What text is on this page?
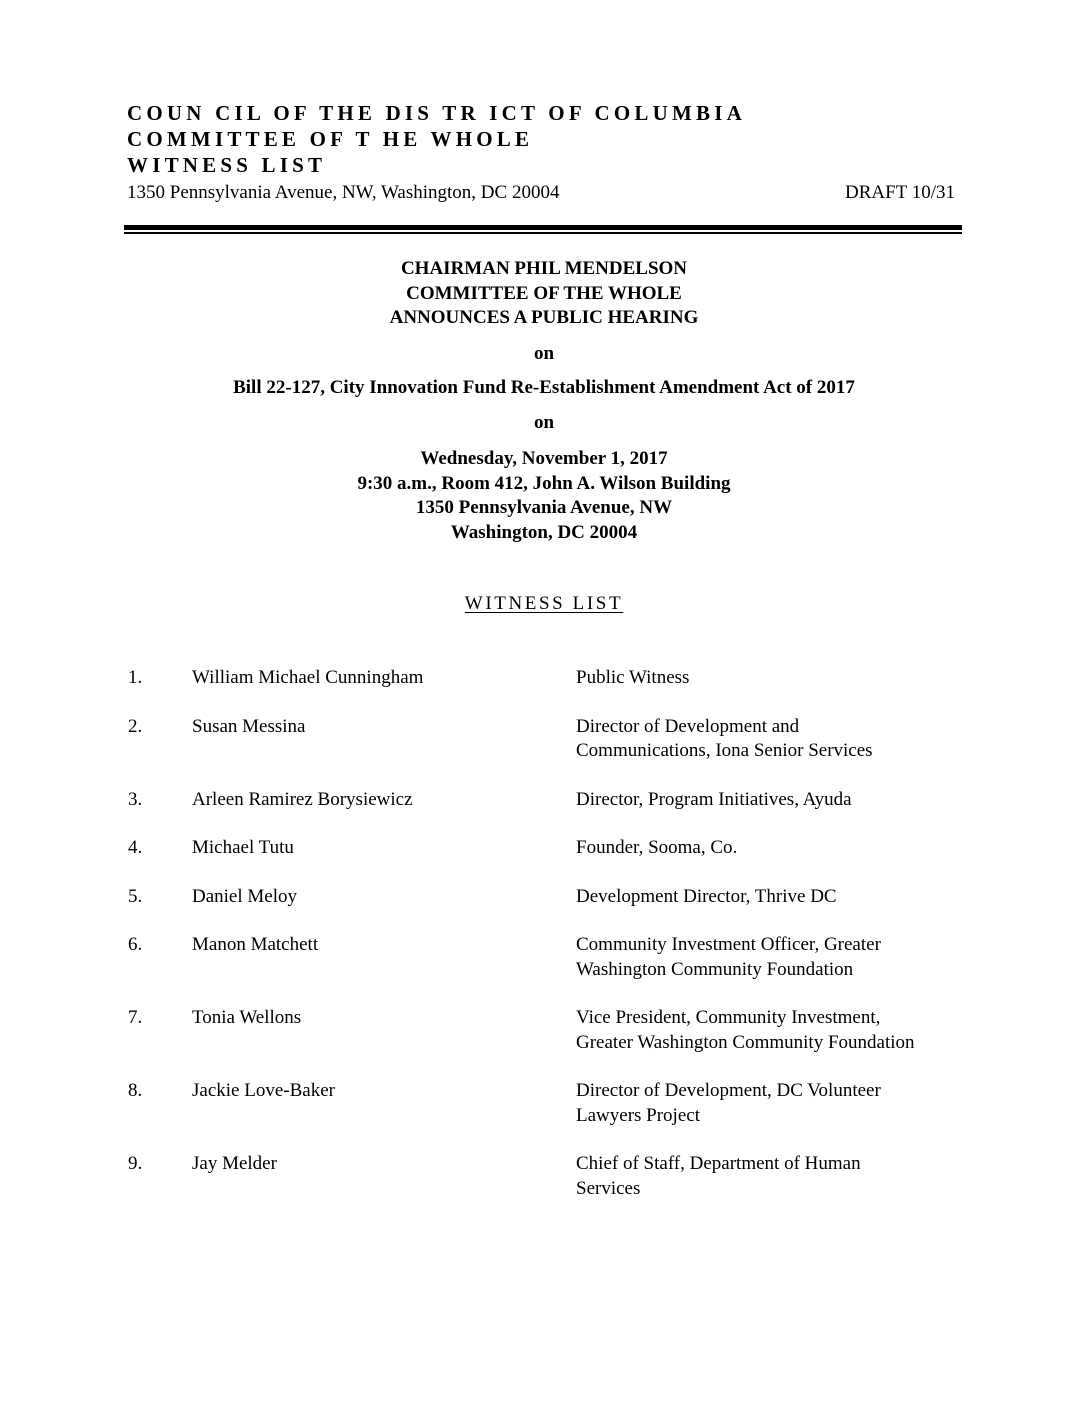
COUN CIL OF THE DIS TR ICT OF COLUMBIA
COMMITTEE OF T HE WHOLE
WITNESS LIST
1350 Pennsylvania Avenue, NW, Washington, DC 20004	DRAFT 10/31
CHAIRMAN PHIL MENDELSON
COMMITTEE OF THE WHOLE
ANNOUNCES A PUBLIC HEARING
on
Bill 22-127, City Innovation Fund Re-Establishment Amendment Act of 2017
on
Wednesday, November 1, 2017
9:30 a.m., Room 412, John A. Wilson Building
1350 Pennsylvania Avenue, NW
Washington, DC 20004
WITNESS LIST
1.	William Michael Cunningham	Public Witness
2.	Susan Messina	Director of Development and
Communications, Iona Senior Services
3.	Arleen Ramirez Borysiewicz	Director, Program Initiatives, Ayuda
4.	Michael Tutu	Founder, Sooma, Co.
5.	Daniel Meloy	Development Director, Thrive DC
6.	Manon Matchett	Community Investment Officer, Greater
Washington Community Foundation
7.	Tonia Wellons	Vice President, Community Investment,
Greater Washington Community Foundation
8.	Jackie Love-Baker	Director of Development, DC Volunteer
Lawyers Project
9.	Jay Melder	Chief of Staff, Department of Human
Services
